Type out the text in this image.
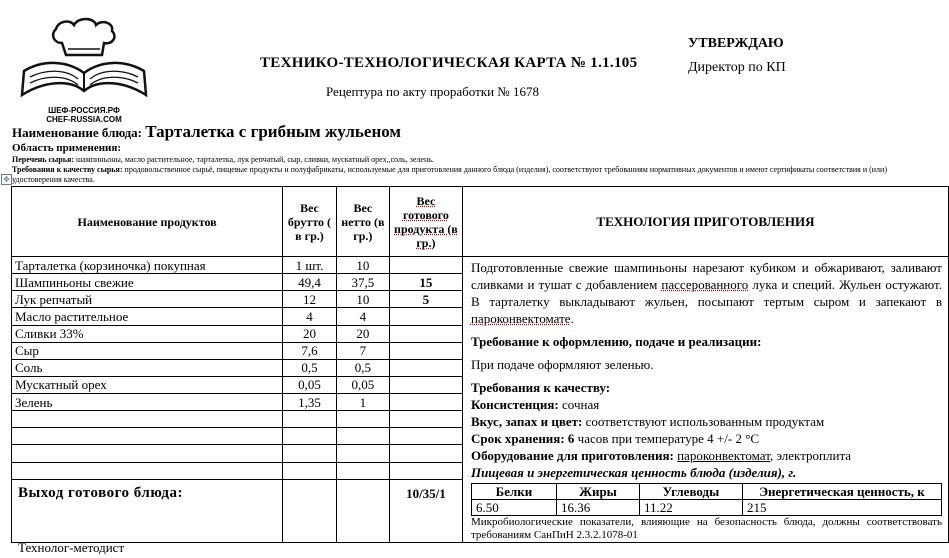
ШЕФ-РОССИЯ.РФ
CHEF-RUSSIA.COM
ТЕХНИКО-ТЕХНОЛОГИЧЕСКАЯ КАРТА № 1.1.105
Рецептура по акту проработки № 1678
УТВЕРЖДАЮ
Директор по КП
Наименование блюда: Тарталетка с грибным жульеном
Область применения:
Перечень сырья: шампиньоны, масло растительное, тарталетка, лук репчатый, сыр, сливки, мускатный орех,,соль, зелень.
Требования к качеству сырья: продовольственное сырьё, пищевые продукты и полуфабрикаты, используемые для приготовления данного блюда (изделия), соответствуют требованиям нормативных документов и имеют сертификаты соответствия и (или) удостоверения качества.
✥
Наименование продуктов	Вес брутто ( в гр.)	Вес нетто (в гр.)	Вес готового продукта (в гр.)	ТЕХНОЛОГИЯ ПРИГОТОВЛЕНИЯ
Тарталетка (корзиночка) покупная	1 шт.	10		Подготовленные свежие шампиньоны нарезают кубиком и обжаривают, заливают сливками и тушат с добавлением пассерованного лука и специй. Жульен остужают. В тарталетку выкладывают жульен, посыпают тертым сыром и запекают в пароконвектомате.

Требование к оформлению, подаче и реализации:

При подаче оформляют зеленью.

Требования к качеству:

Консистенция: сочная

Вкус, запах и цвет: соответствуют использованным продуктам

Срок хранения: 6 часов при температуре 4 +/- 2 °С

Оборудование для приготовления: пароконвектомат, электроплита

Пищевая и энергетическая ценность блюда (изделия), г.

Белки	Жиры	Углеводы	Энергетическая ценность, к
6.50	16.36	11.22	215

Микробиологические показатели, влияющие на безопасность блюда, должны соответствовать требованиям СанПиН 2.3.2.1078-01

Шампиньоны свежие	49,4	37,5	15
Лук репчатый	12	10	5
Масло растительное	4	4	
Сливки 33%	20	20	
Сыр	7,6	7	
Соль	0,5	0,5	
Мускатный орех	0,05	0,05	
Зелень	1,35	1	

Выход готового блюда:			10/35/1
Технолог-методист
